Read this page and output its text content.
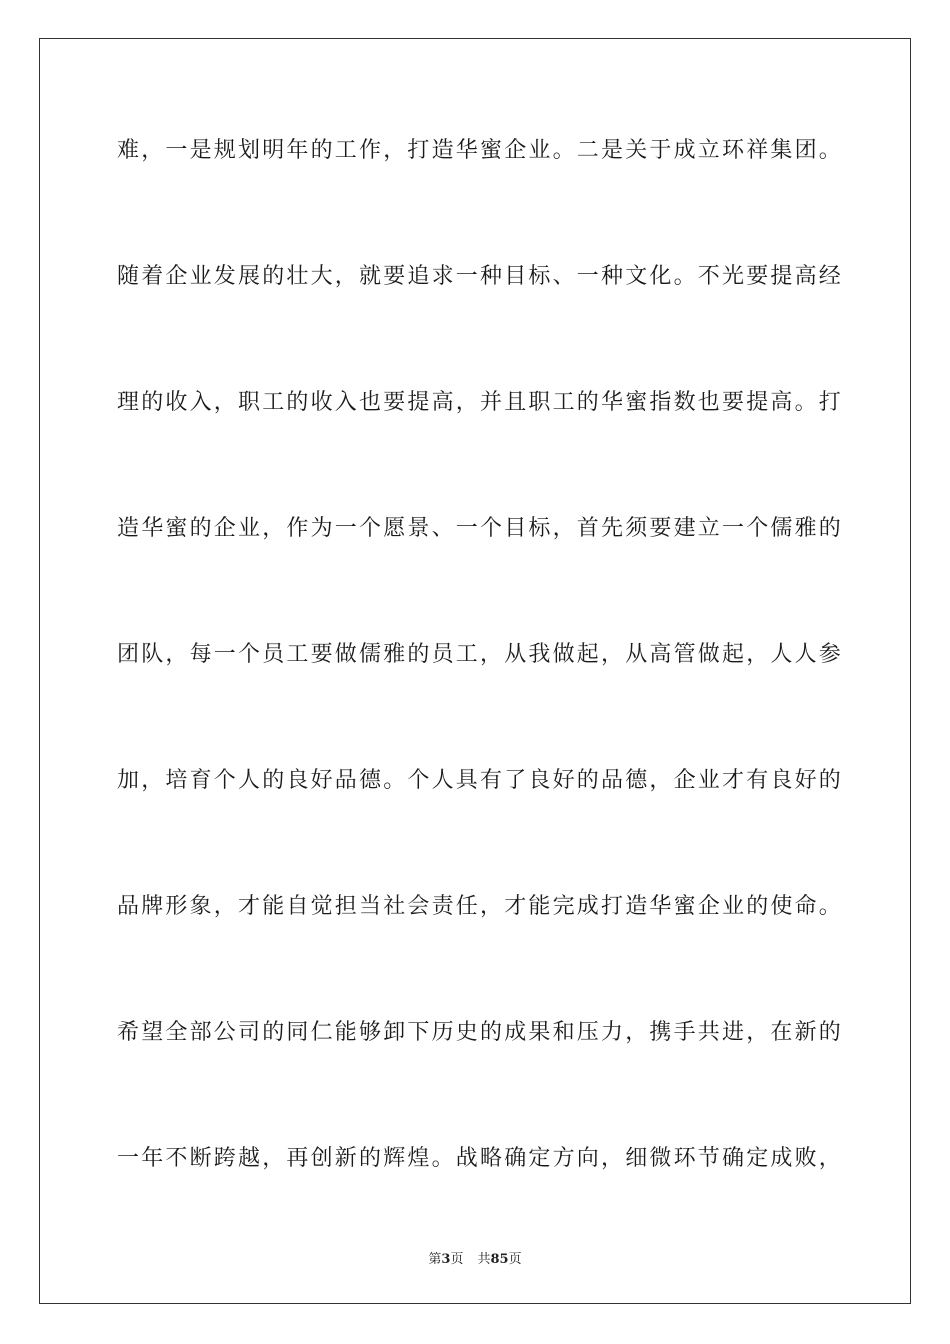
难，一是规划明年的工作，打造华蜜企业。二是关于成立环祥集团。
随着企业发展的壮大，就要追求一种目标、一种文化。不光要提高经
理的收入，职工的收入也要提高，并且职工的华蜜指数也要提高。打
造华蜜的企业，作为一个愿景、一个目标，首先须要建立一个儒雅的
团队，每一个员工要做儒雅的员工，从我做起，从高管做起，人人参
加，培育个人的良好品德。个人具有了良好的品德，企业才有良好的
品牌形象，才能自觉担当社会责任，才能完成打造华蜜企业的使命。
希望全部公司的同仁能够卸下历史的成果和压力，携手共进，在新的
一年不断跨越，再创新的辉煌。战略确定方向，细微环节确定成败，
第3页 共85页
